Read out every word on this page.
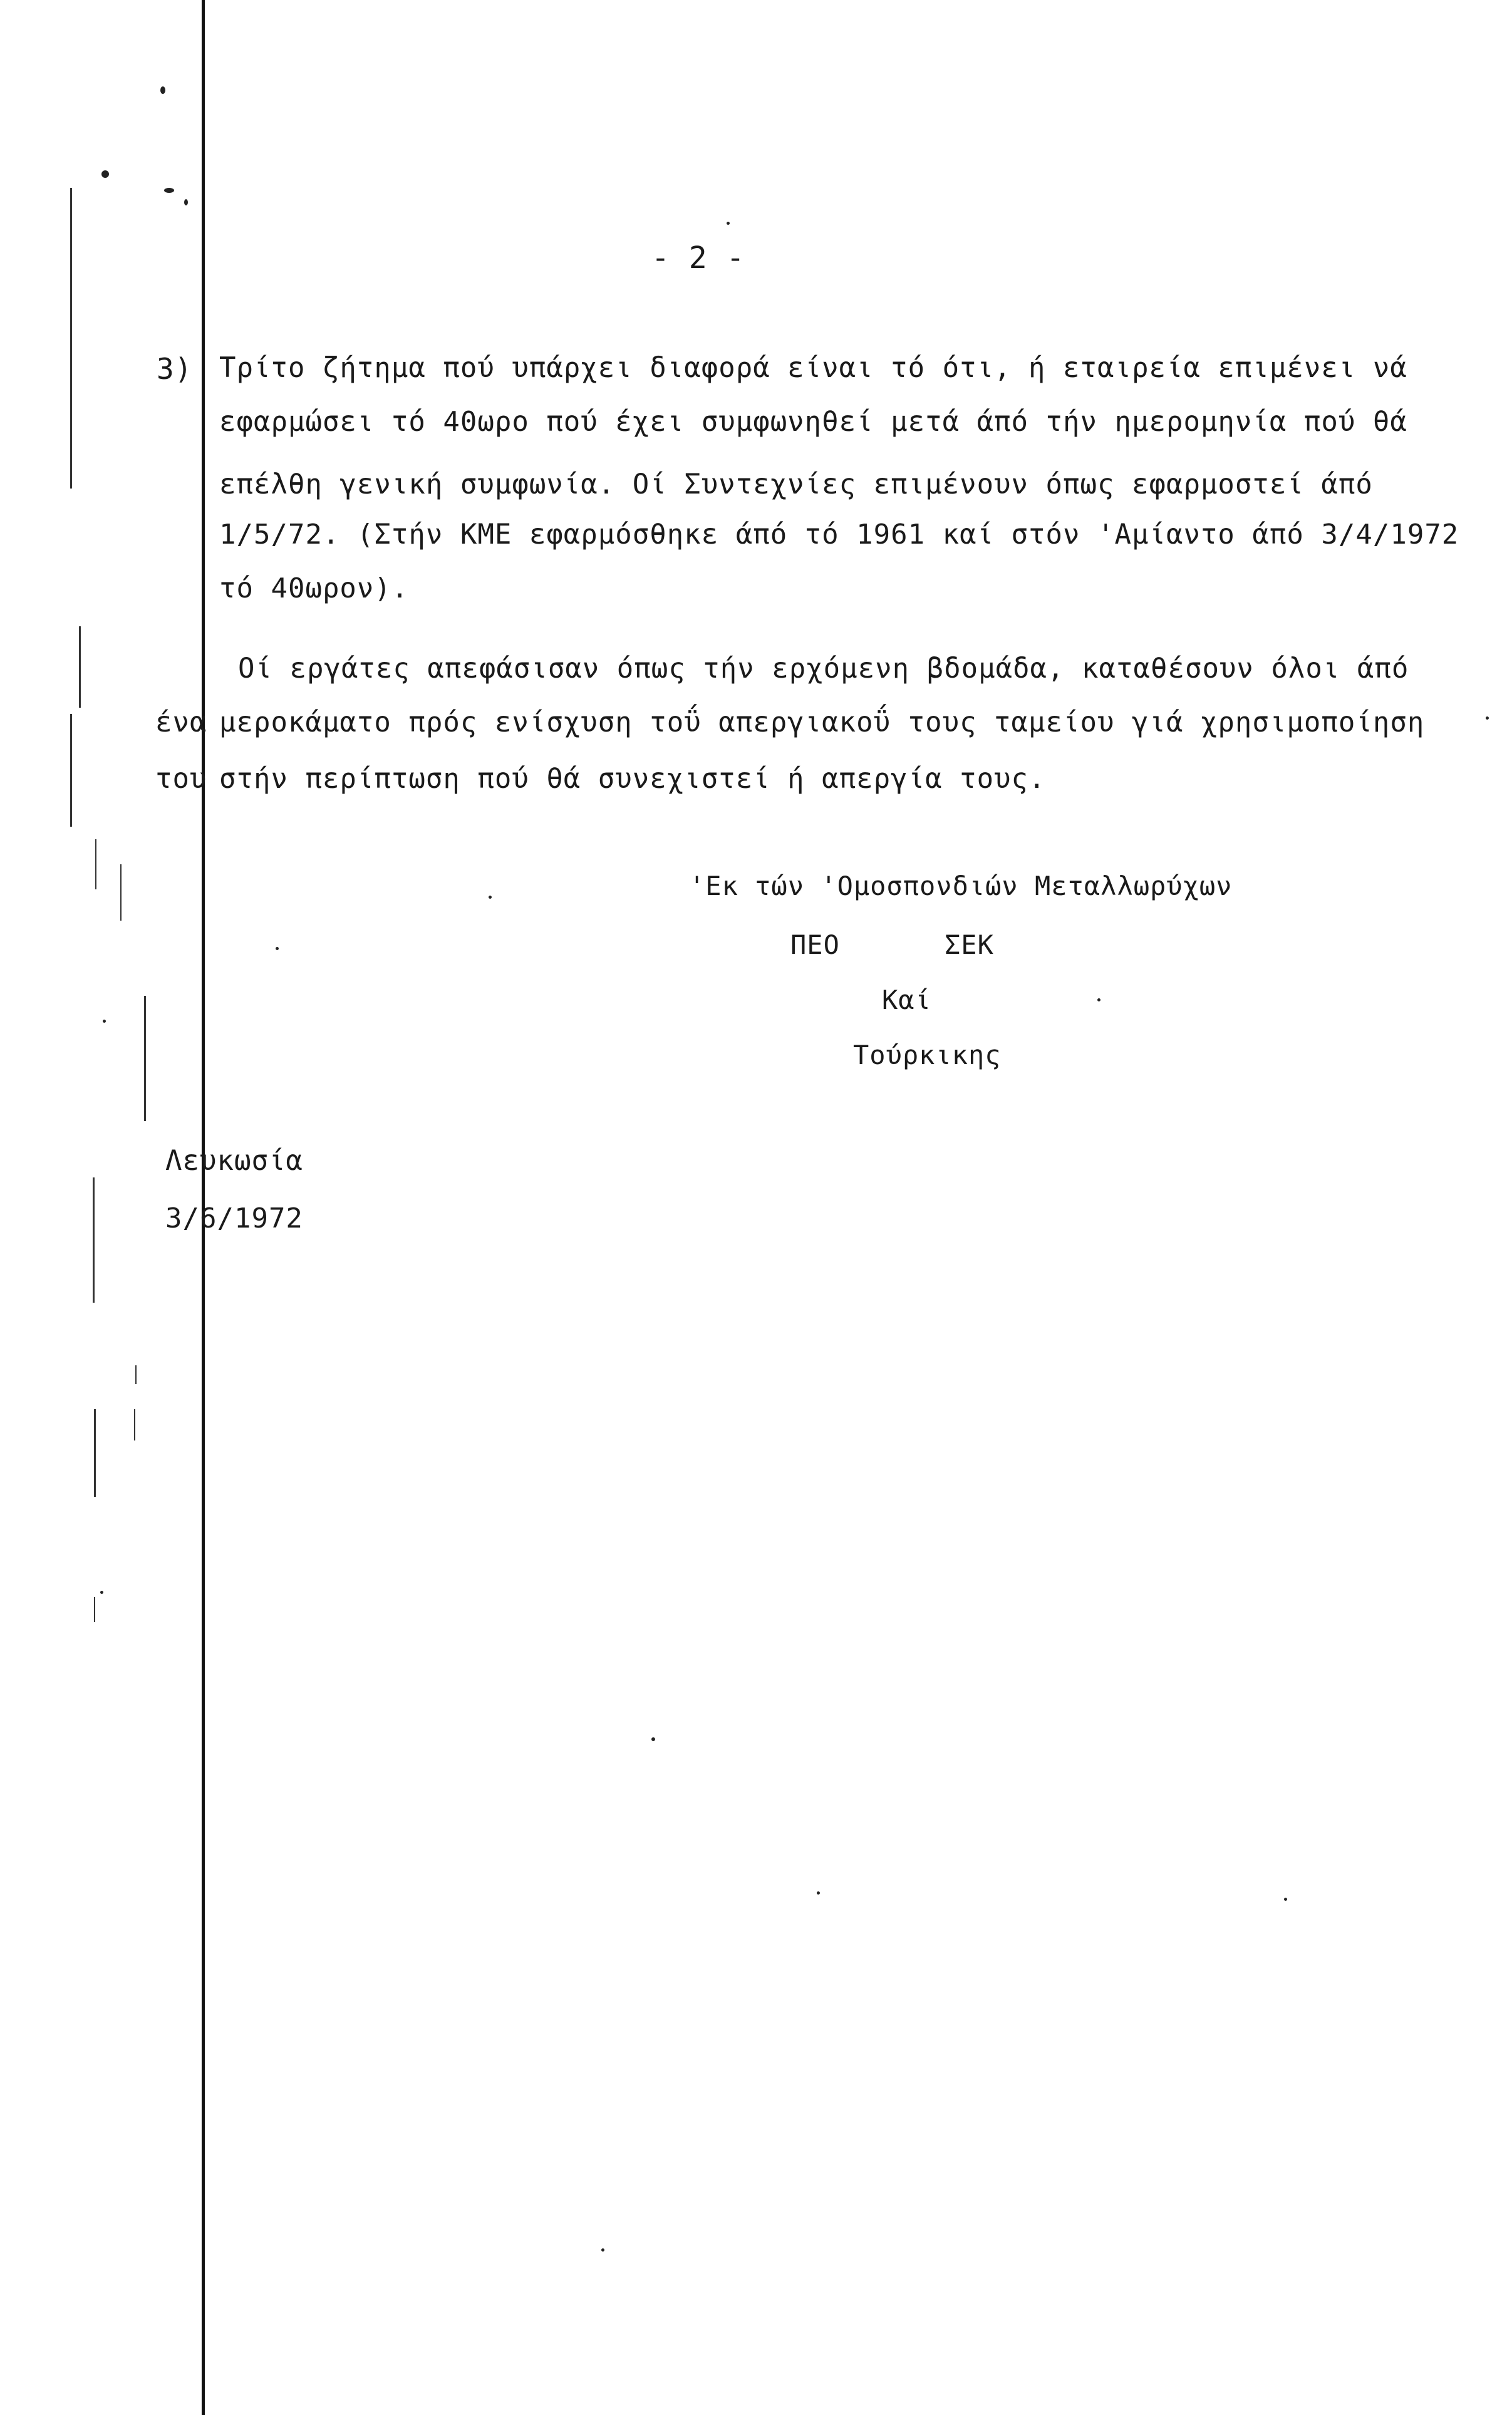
- 2 -
3) Τρίτο ζήτημα πού υπάρχει διαφορά είναι τό ότι, ή εταιρεία επιμένει νά
εφαρμώσει τό 40ωρο πού έχει συμφωνηθεί μετά άπό τήν ημερομηνία πού θά
επέλθη γενική συμφωνία. Οί Συντεχνίες επιμένουν όπως εφαρμοστεί άπό
1/5/72. (Στήν ΚΜΕ εφαρμόσθηκε άπό τό 1961 καί στόν 'Αμίαντο άπό 3/4/1972
τό 40ωρον).
Οί εργάτες απεφάσισαν όπως τήν ερχόμενη βδομάδα, καταθέσουν όλοι άπό
ένα μεροκάματο πρός ενίσχυση τοΰ απεργιακοΰ τους ταμείου γιά χρησιμοποίηση
του στήν περίπτωση πού θά συνεχιστεί ή απεργία τους.
'Εκ τών 'Ομοσπονδιών Μεταλλωρύχων
ΠΕΟ	ΣΕΚ
Καί
Τούρκικης
Λευκωσία
3/6/1972
